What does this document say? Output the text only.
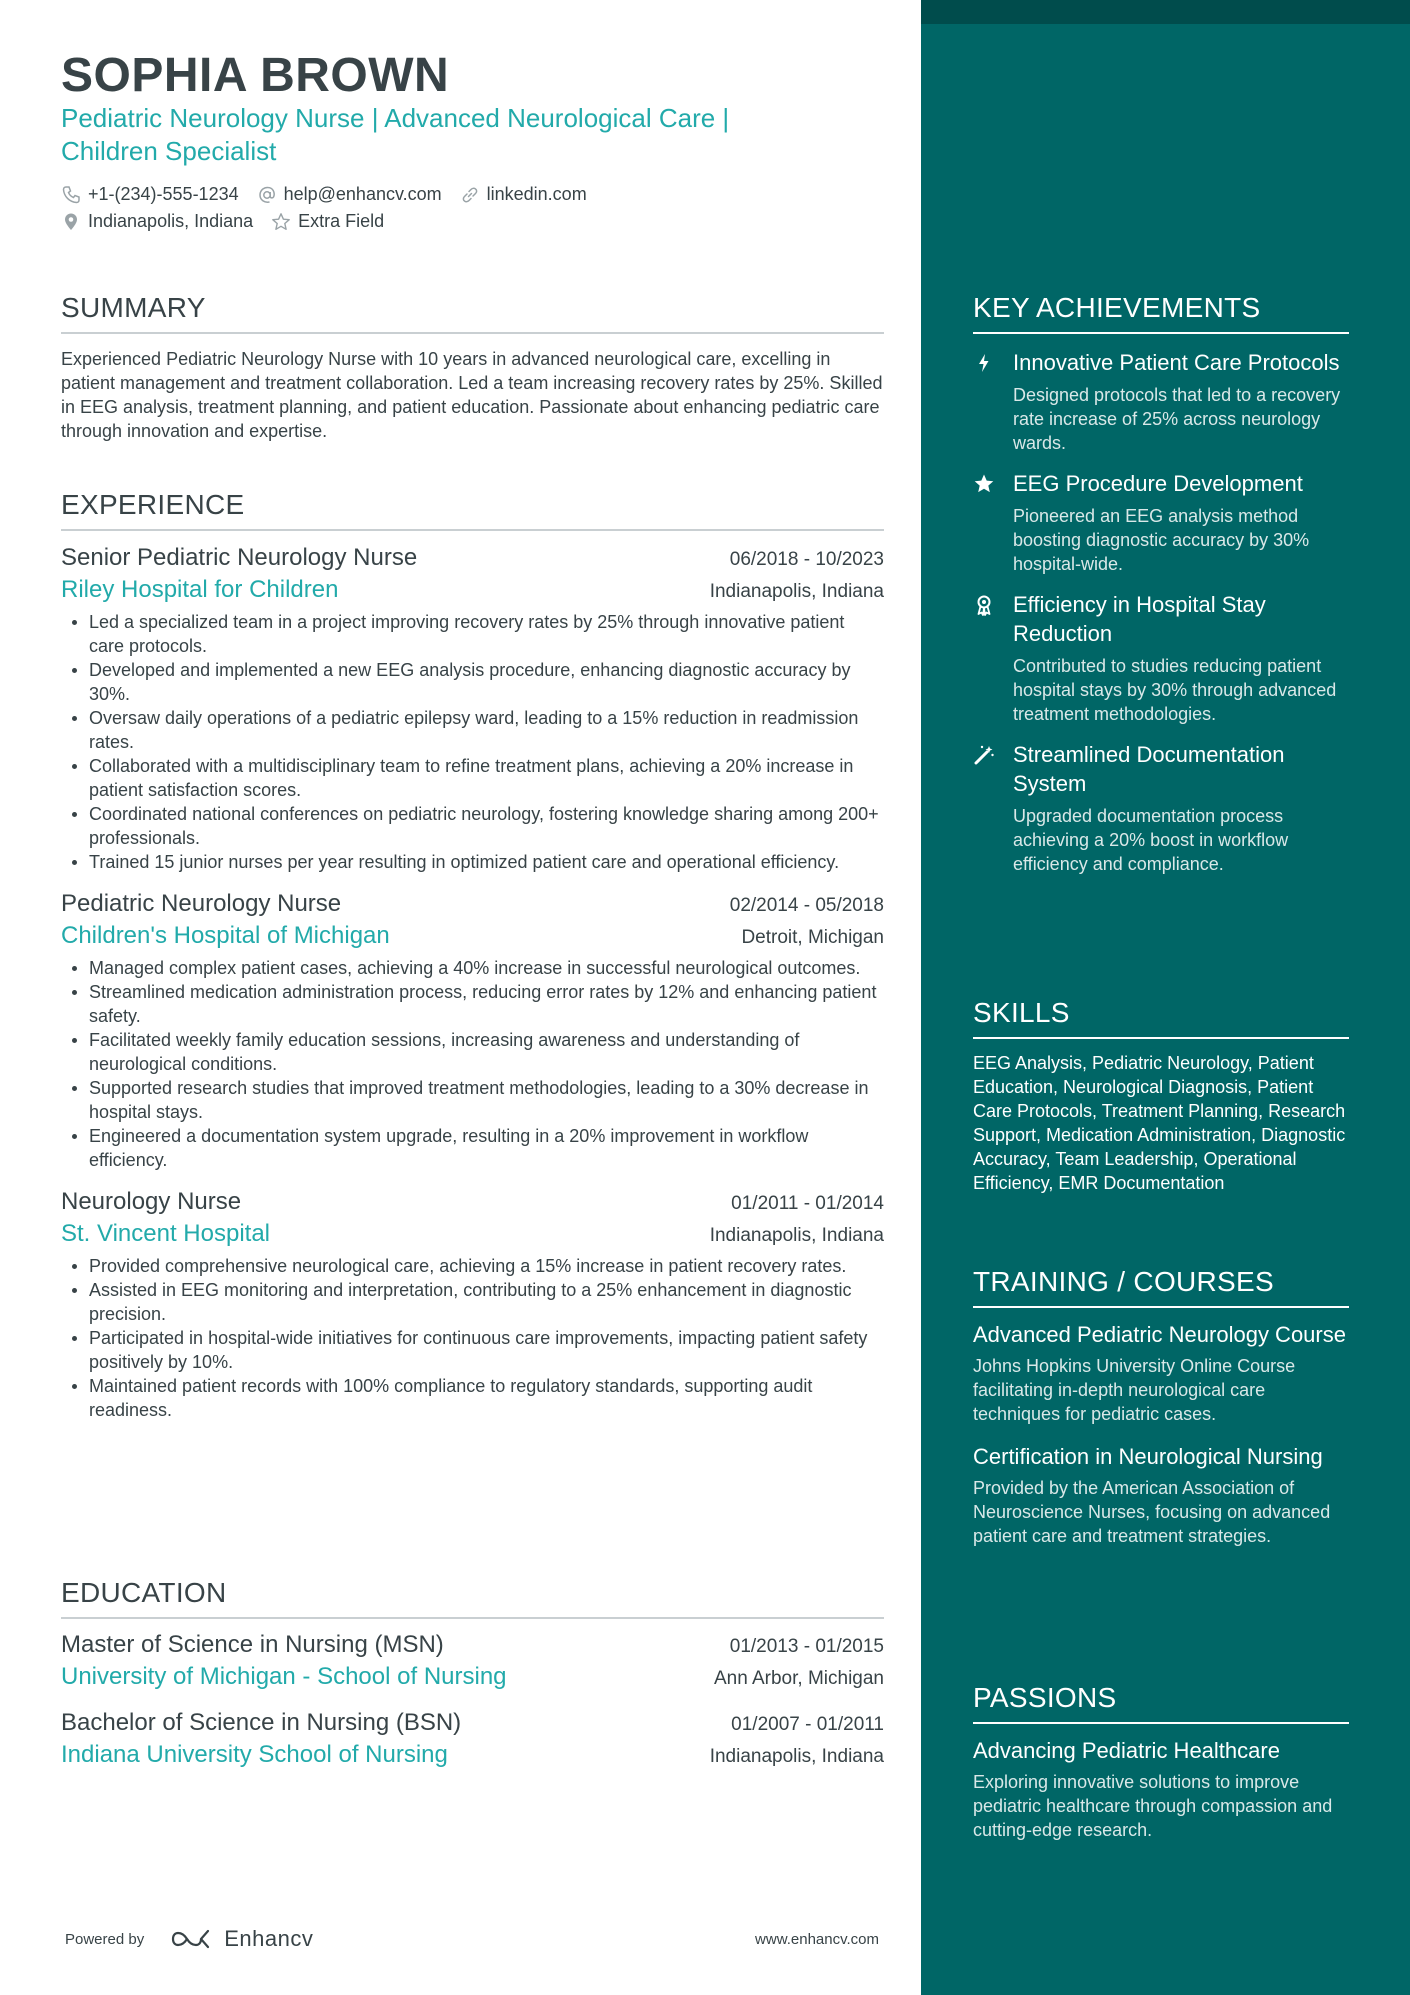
SOPHIA BROWN
Pediatric Neurology Nurse | Advanced Neurological Care | Children Specialist
+1-(234)-555-1234	help@enhancv.com	linkedin.com
Indianapolis, Indiana	Extra Field
SUMMARY
Experienced Pediatric Neurology Nurse with 10 years in advanced neurological care, excelling in patient management and treatment collaboration. Led a team increasing recovery rates by 25%. Skilled in EEG analysis, treatment planning, and patient education. Passionate about enhancing pediatric care through innovation and expertise.
EXPERIENCE
Senior Pediatric Neurology Nurse	06/2018 - 10/2023
Riley Hospital for Children	Indianapolis, Indiana
Led a specialized team in a project improving recovery rates by 25% through innovative patient care protocols.
Developed and implemented a new EEG analysis procedure, enhancing diagnostic accuracy by 30%.
Oversaw daily operations of a pediatric epilepsy ward, leading to a 15% reduction in readmission rates.
Collaborated with a multidisciplinary team to refine treatment plans, achieving a 20% increase in patient satisfaction scores.
Coordinated national conferences on pediatric neurology, fostering knowledge sharing among 200+ professionals.
Trained 15 junior nurses per year resulting in optimized patient care and operational efficiency.
Pediatric Neurology Nurse	02/2014 - 05/2018
Children's Hospital of Michigan	Detroit, Michigan
Managed complex patient cases, achieving a 40% increase in successful neurological outcomes.
Streamlined medication administration process, reducing error rates by 12% and enhancing patient safety.
Facilitated weekly family education sessions, increasing awareness and understanding of neurological conditions.
Supported research studies that improved treatment methodologies, leading to a 30% decrease in hospital stays.
Engineered a documentation system upgrade, resulting in a 20% improvement in workflow efficiency.
Neurology Nurse	01/2011 - 01/2014
St. Vincent Hospital	Indianapolis, Indiana
Provided comprehensive neurological care, achieving a 15% increase in patient recovery rates.
Assisted in EEG monitoring and interpretation, contributing to a 25% enhancement in diagnostic precision.
Participated in hospital-wide initiatives for continuous care improvements, impacting patient safety positively by 10%.
Maintained patient records with 100% compliance to regulatory standards, supporting audit readiness.
EDUCATION
Master of Science in Nursing (MSN)	01/2013 - 01/2015
University of Michigan - School of Nursing	Ann Arbor, Michigan
Bachelor of Science in Nursing (BSN)	01/2007 - 01/2011
Indiana University School of Nursing	Indianapolis, Indiana
Powered by	Enhancv	www.enhancv.com
KEY ACHIEVEMENTS
Innovative Patient Care Protocols
Designed protocols that led to a recovery rate increase of 25% across neurology wards.
EEG Procedure Development
Pioneered an EEG analysis method boosting diagnostic accuracy by 30% hospital-wide.
Efficiency in Hospital Stay Reduction
Contributed to studies reducing patient hospital stays by 30% through advanced treatment methodologies.
Streamlined Documentation System
Upgraded documentation process achieving a 20% boost in workflow efficiency and compliance.
SKILLS
EEG Analysis, Pediatric Neurology, Patient Education, Neurological Diagnosis, Patient Care Protocols, Treatment Planning, Research Support, Medication Administration, Diagnostic Accuracy, Team Leadership, Operational Efficiency, EMR Documentation
TRAINING / COURSES
Advanced Pediatric Neurology Course
Johns Hopkins University Online Course facilitating in-depth neurological care techniques for pediatric cases.
Certification in Neurological Nursing
Provided by the American Association of Neuroscience Nurses, focusing on advanced patient care and treatment strategies.
PASSIONS
Advancing Pediatric Healthcare
Exploring innovative solutions to improve pediatric healthcare through compassion and cutting-edge research.
